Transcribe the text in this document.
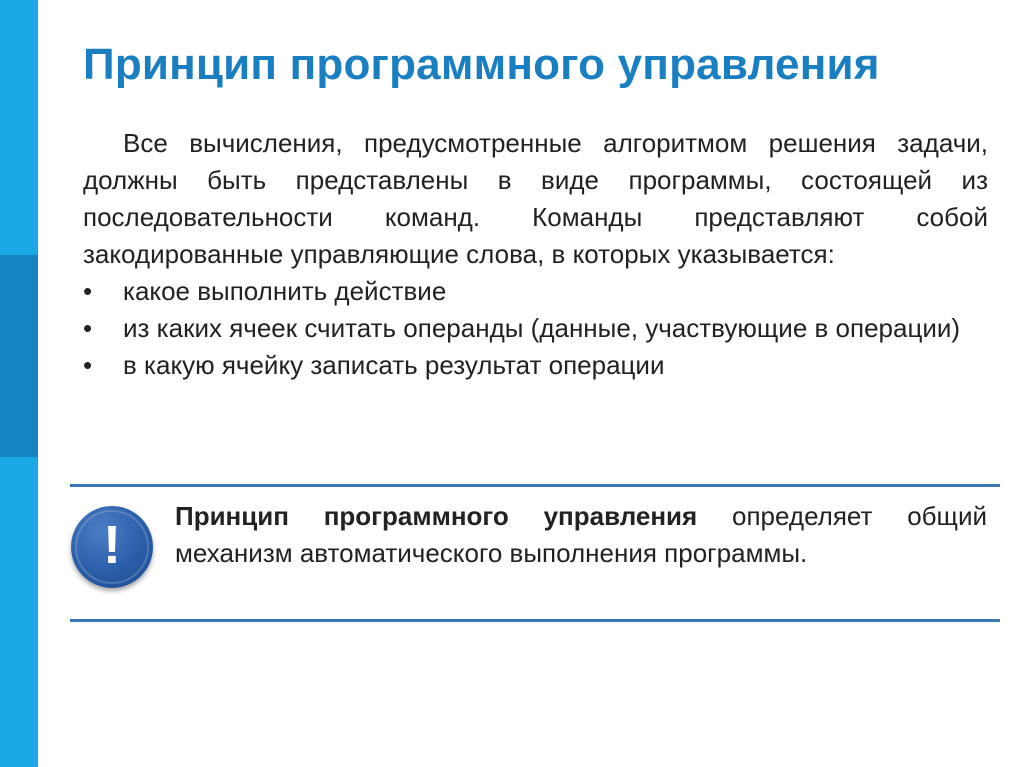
Принцип программного управления

Все вычисления, предусмотренные алгоритмом решения задачи, должны быть представлены в виде программы, состоящей из последовательности команд. Команды представляют собой закодированные управляющие слова, в которых указывается:

•	какое выполнить действие
•	из каких ячеек считать операнды (данные, участвующие в операции)
•	в какую ячейку записать результат операции
!	Принцип программного управления определяет общий механизм автоматического выполнения программы.
